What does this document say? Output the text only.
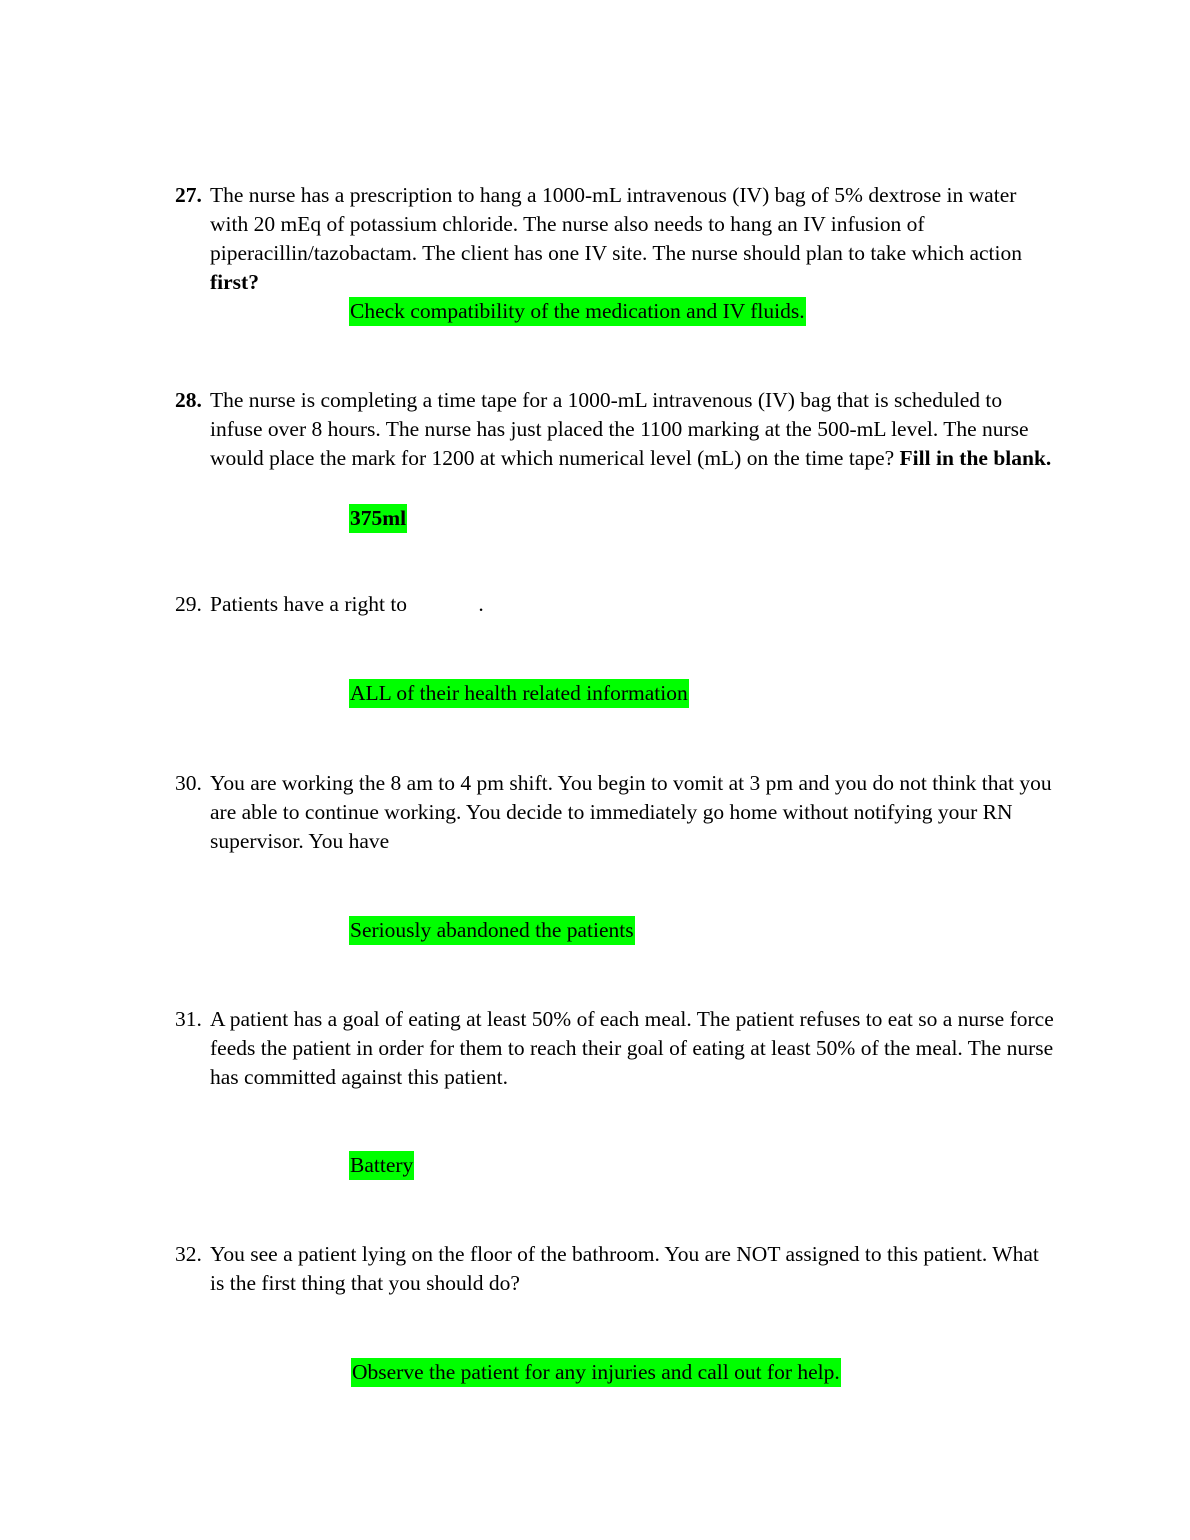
27. The nurse has a prescription to hang a 1000-mL intravenous (IV) bag of 5% dextrose in water with 20 mEq of potassium chloride. The nurse also needs to hang an IV infusion of piperacillin/tazobactam. The client has one IV site. The nurse should plan to take which action first?
Check compatibility of the medication and IV fluids.
28. The nurse is completing a time tape for a 1000-mL intravenous (IV) bag that is scheduled to infuse over 8 hours. The nurse has just placed the 1100 marking at the 500-mL level. The nurse would place the mark for 1200 at which numerical level (mL) on the time tape? Fill in the blank.
375ml
29. Patients have a right to	.
ALL of their health related information
30. You are working the 8 am to 4 pm shift. You begin to vomit at 3 pm and you do not think that you are able to continue working. You decide to immediately go home without notifying your RN supervisor. You have
Seriously abandoned the patients
31. A patient has a goal of eating at least 50% of each meal. The patient refuses to eat so a nurse force feeds the patient in order for them to reach their goal of eating at least 50% of the meal. The nurse has committed against this patient.
Battery
32. You see a patient lying on the floor of the bathroom. You are NOT assigned to this patient. What is the first thing that you should do?
Observe the patient for any injuries and call out for help.
